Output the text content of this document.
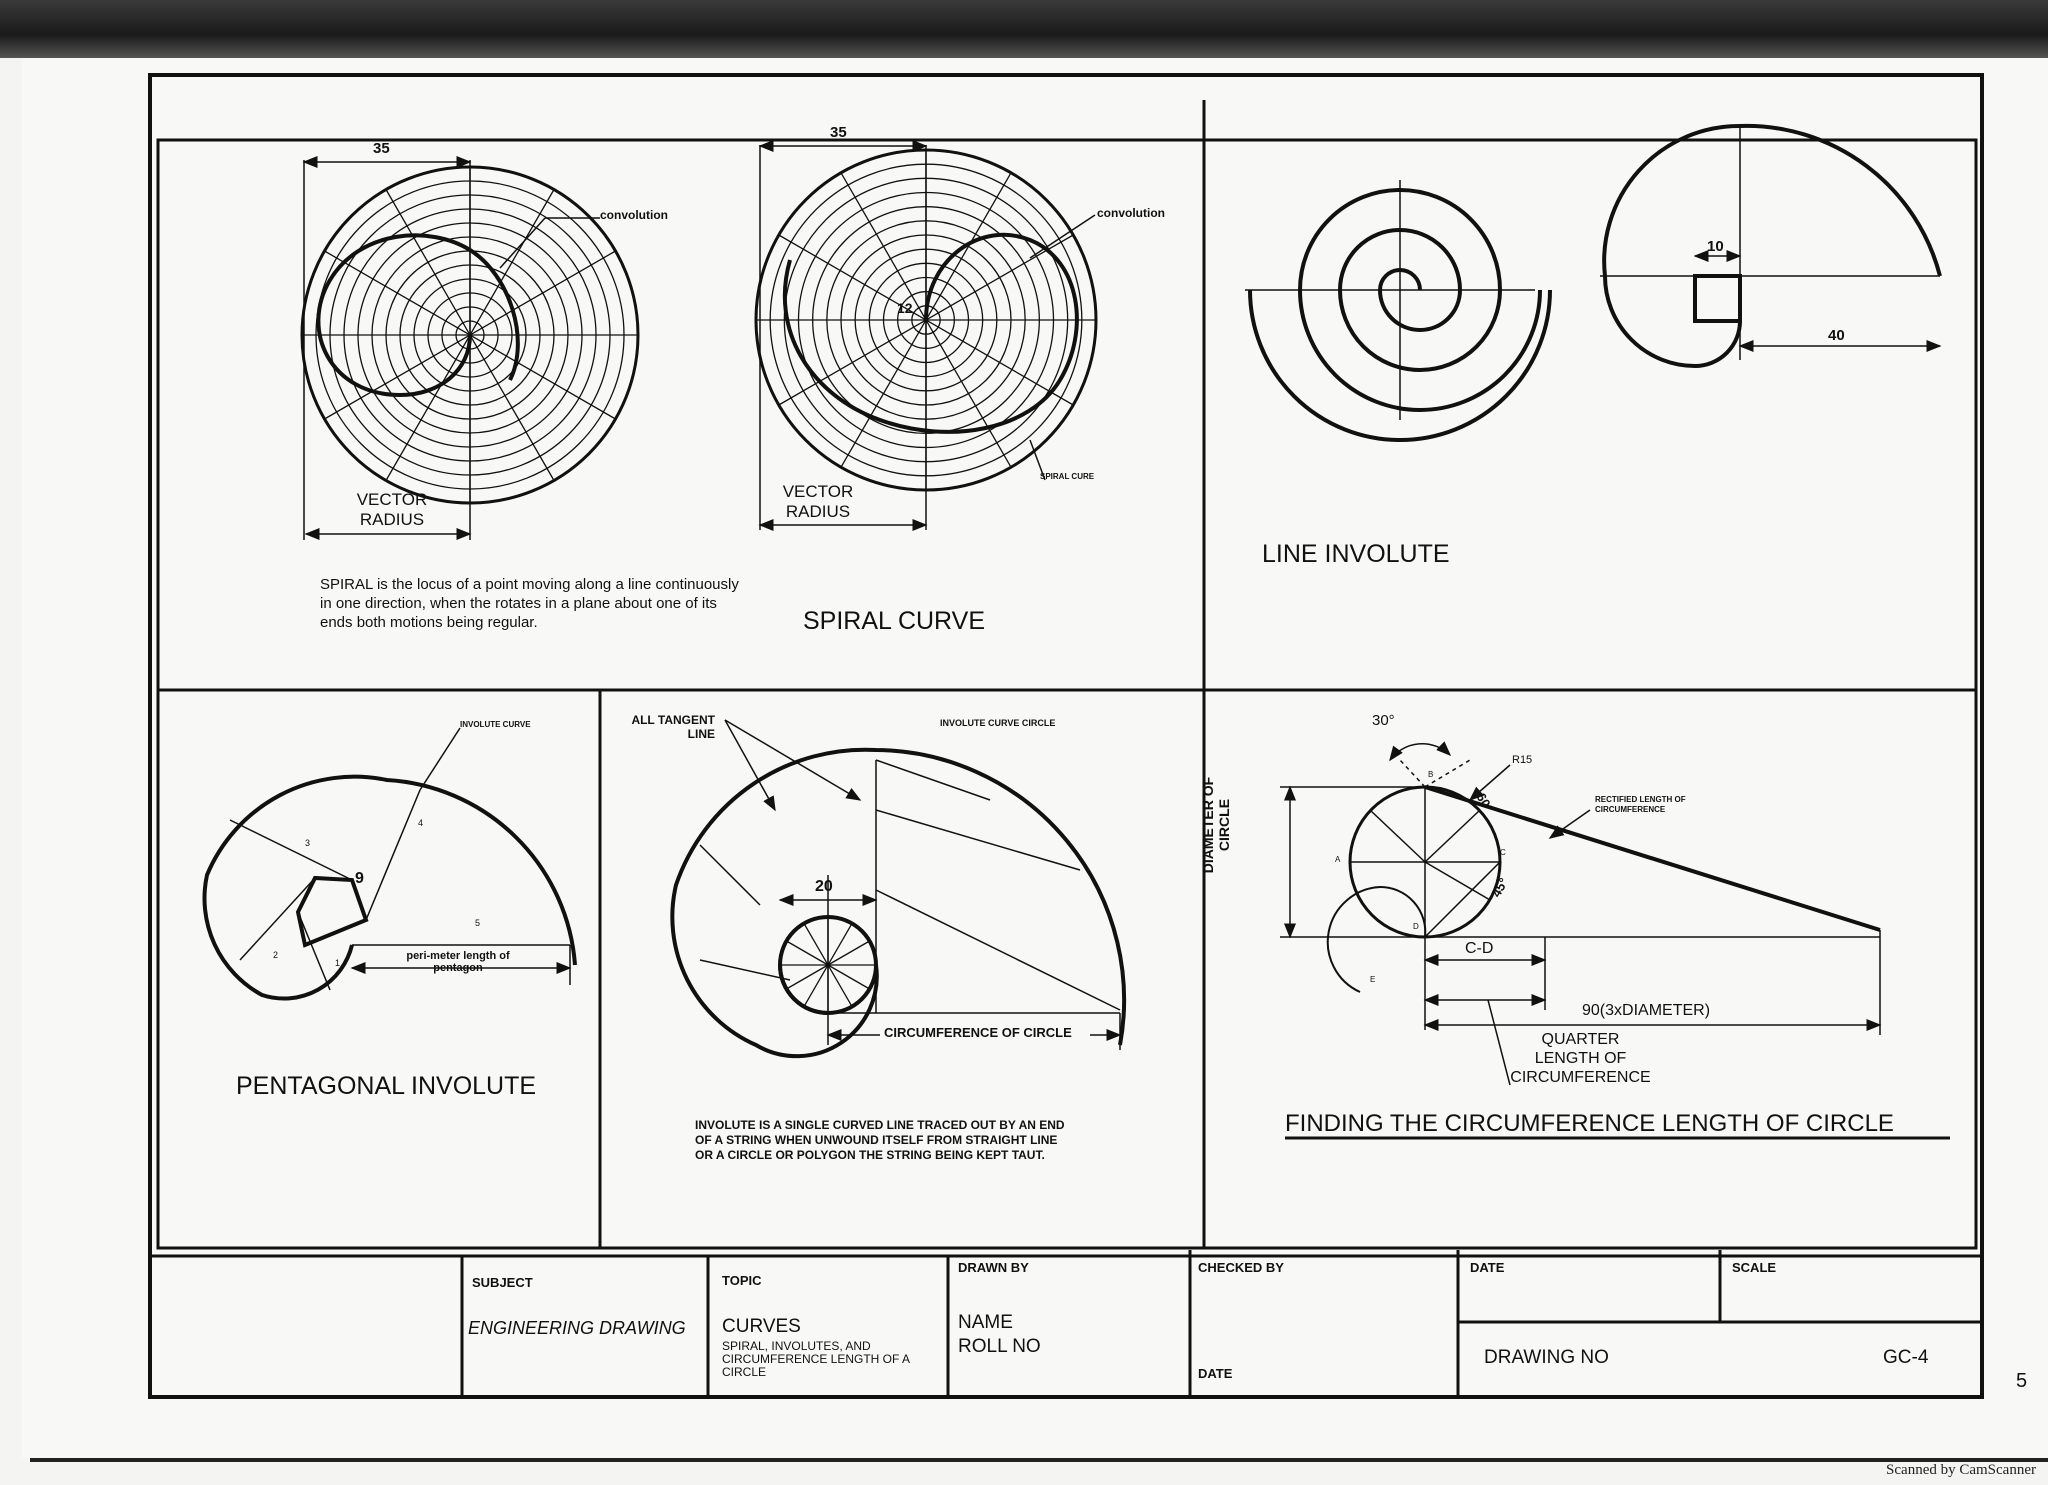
35
35
convolution	convolution
VECTOR RADIUS
VECTOR RADIUS
12
SPIRAL CURE
SPIRAL is the locus of a point moving along a line continuously in one direction, when the rotates in a plane about one of its ends both motions being regular.	SPIRAL CURVE
10
40
LINE INVOLUTE
INVOLUTE CURVE
peri-meter length of pentagon
1
2
3
4
5
9
PENTAGONAL INVOLUTE
ALL TANGENT LINE
INVOLUTE CURVE CIRCLE
20
CIRCUMFERENCE OF CIRCLE
INVOLUTE IS A SINGLE CURVED LINE TRACED OUT BY AN END OF A STRING WHEN UNWOUND ITSELF FROM STRAIGHT LINE OR A CIRCLE OR POLYGON THE STRING BEING KEPT TAUT.
30°
R15
60°
45°
RECTIFIED LENGTH OF CIRCUMFERENCE
DIAMETER OF CIRCLE
A
B
C
D
E
C-D
90(3xDIAMETER)
QUARTER LENGTH OF CIRCUMFERENCE
FINDING THE CIRCUMFERENCE LENGTH OF CIRCLE
SUBJECT
ENGINEERING DRAWING
TOPIC
CURVES
SPIRAL, INVOLUTES, AND CIRCUMFERENCE LENGTH OF A CIRCLE
DRAWN BY
NAME
ROLL NO
CHECKED BY
DATE
DATE	SCALE
DRAWING NO	GC-4
5
Scanned by CamScanner
